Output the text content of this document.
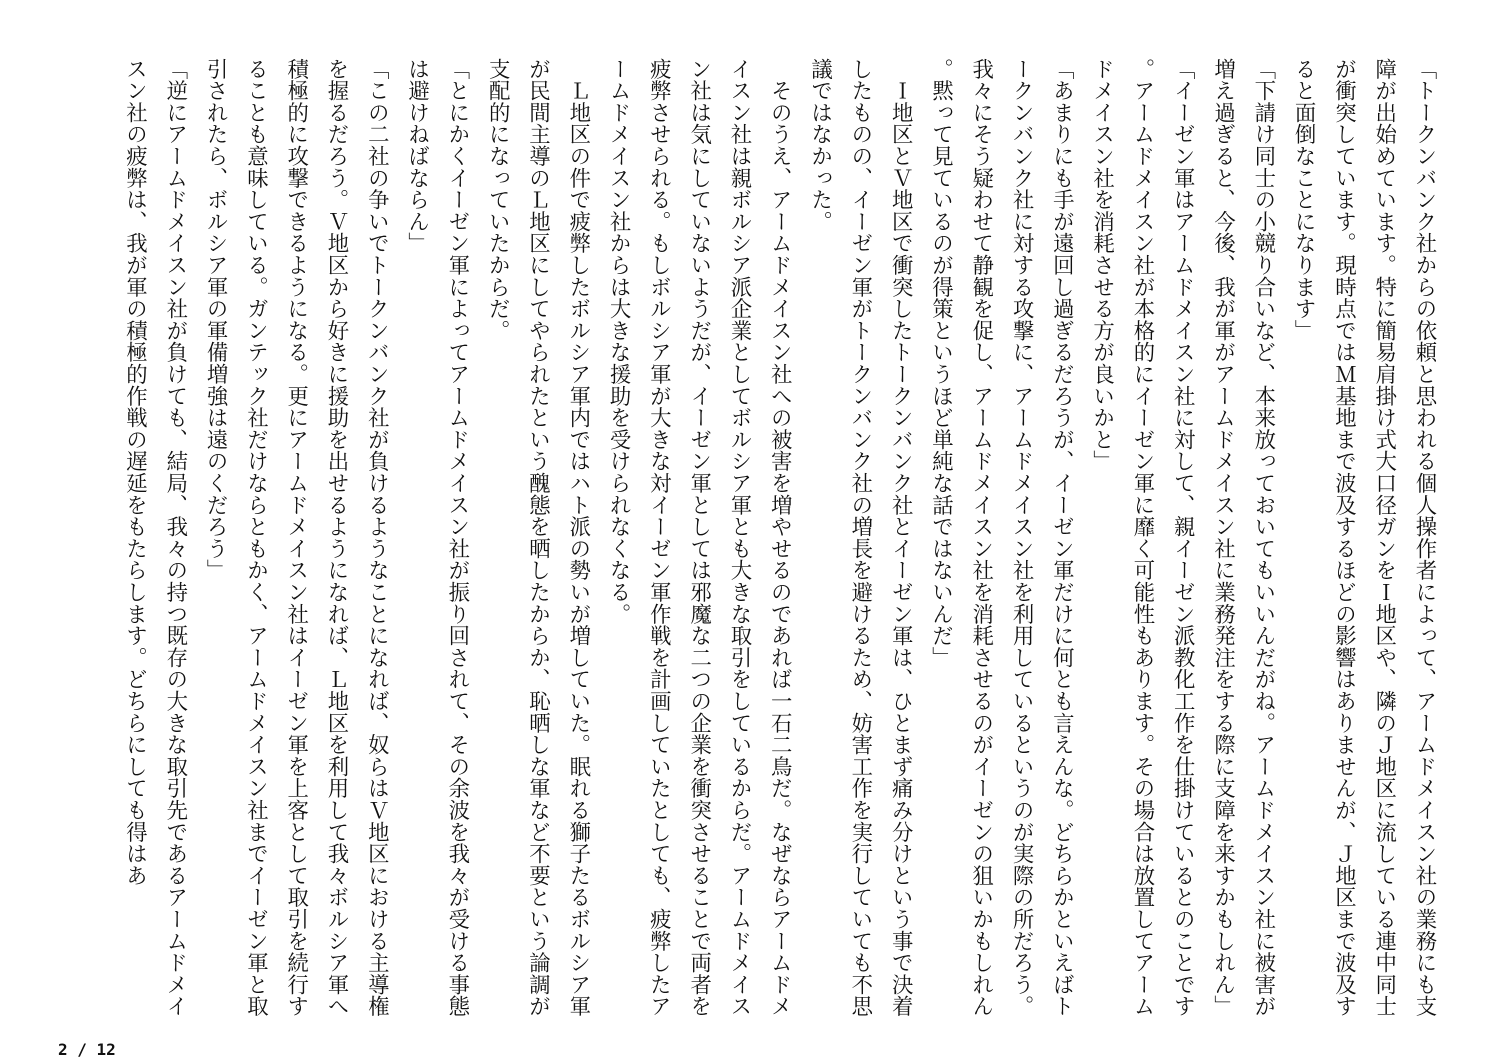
「トークンバンク社からの依頼と思われる個人操作者によって、アームドメイスン社の業務にも支障が出始めています。特に簡易肩掛け式大口径ガンをＩ地区や、隣のＪ地区に流している連中同士が衝突しています。現時点ではＭ基地まで波及するほどの影響はありませんが、Ｊ地区まで波及すると面倒なことになります」

「下請け同士の小競り合いなど、本来放っておいてもいいんだがね。アームドメイスン社に被害が増え過ぎると、今後、我が軍がアームドメイスン社に業務発注をする際に支障を来すかもしれん」

「イーゼン軍はアームドメイスン社に対して、親イーゼン派教化工作を仕掛けているとのことです。アームドメイスン社が本格的にイーゼン軍に靡く可能性もあります。その場合は放置してアームドメイスン社を消耗させる方が良いかと」

「あまりにも手が遠回し過ぎるだろうが、イーゼン軍だけに何とも言えんな。どちらかといえばトークンバンク社に対する攻撃に、アームドメイスン社を利用しているというのが実際の所だろう。我々にそう疑わせて静観を促し、アームドメイスン社を消耗させるのがイーゼンの狙いかもしれん。黙って見ているのが得策というほど単純な話ではないんだ」

　Ｉ地区とＶ地区で衝突したトークンバンク社とイーゼン軍は、ひとまず痛み分けという事で決着したものの、イーゼン軍がトークンバンク社の増長を避けるため、妨害工作を実行していても不思議ではなかった。

　そのうえ、アームドメイスン社への被害を増やせるのであれば一石二鳥だ。なぜならアームドメイスン社は親ボルシア派企業としてボルシア軍とも大きな取引をしているからだ。アームドメイスン社は気にしていないようだが、イーゼン軍としては邪魔な二つの企業を衝突させることで両者を疲弊させられる。もしボルシア軍が大きな対イーゼン軍作戦を計画していたとしても、疲弊したアームドメイスン社からは大きな援助を受けられなくなる。

　Ｌ地区の件で疲弊したボルシア軍内ではハト派の勢いが増していた。眠れる獅子たるボルシア軍が民間主導のＬ地区にしてやられたという醜態を晒したからか、恥晒しな軍など不要という論調が支配的になっていたからだ。

「とにかくイーゼン軍によってアームドメイスン社が振り回されて、その余波を我々が受ける事態は避けねばならん」

「この二社の争いでトークンバンク社が負けるようなことになれば、奴らはＶ地区における主導権を握るだろう。Ｖ地区から好きに援助を出せるようになれば、Ｌ地区を利用して我々ボルシア軍へ積極的に攻撃できるようになる。更にアームドメイスン社はイーゼン軍を上客として取引を続行することも意味している。ガンテック社だけならともかく、アームドメイスン社までイーゼン軍と取引されたら、ボルシア軍の軍備増強は遠のくだろう」

「逆にアームドメイスン社が負けても、結局、我々の持つ既存の大きな取引先であるアームドメイスン社の疲弊は、我が軍の積極的作戦の遅延をもたらします。どちらにしても得はあ

2 / 12
